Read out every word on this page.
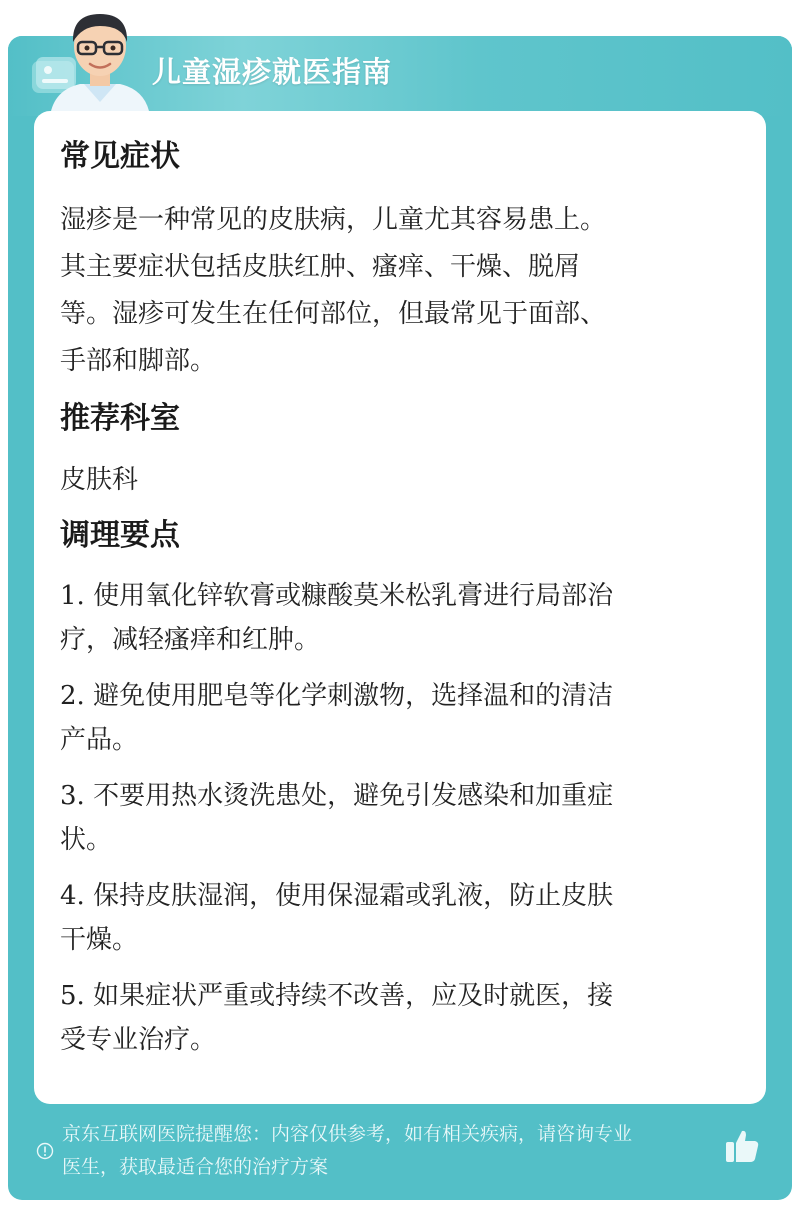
儿童湿疹就医指南
常见症状

湿疹是一种常见的皮肤病，儿童尤其容易患上。

其主要症状包括皮肤红肿、瘙痒、干燥、脱屑

等。湿疹可发生在任何部位，但最常见于面部、

手部和脚部。

推荐科室

皮肤科

调理要点

1. 使用氧化锌软膏或糠酸莫米松乳膏进行局部治

疗，减轻瘙痒和红肿。

2. 避免使用肥皂等化学刺激物，选择温和的清洁

产品。

3. 不要用热水烫洗患处，避免引发感染和加重症

状。

4. 保持皮肤湿润，使用保湿霜或乳液，防止皮肤

干燥。

5. 如果症状严重或持续不改善，应及时就医，接

受专业治疗。

京东互联网医院提醒您：内容仅供参考，如有相关疾病，请咨询专业
医生，获取最适合您的治疗方案
